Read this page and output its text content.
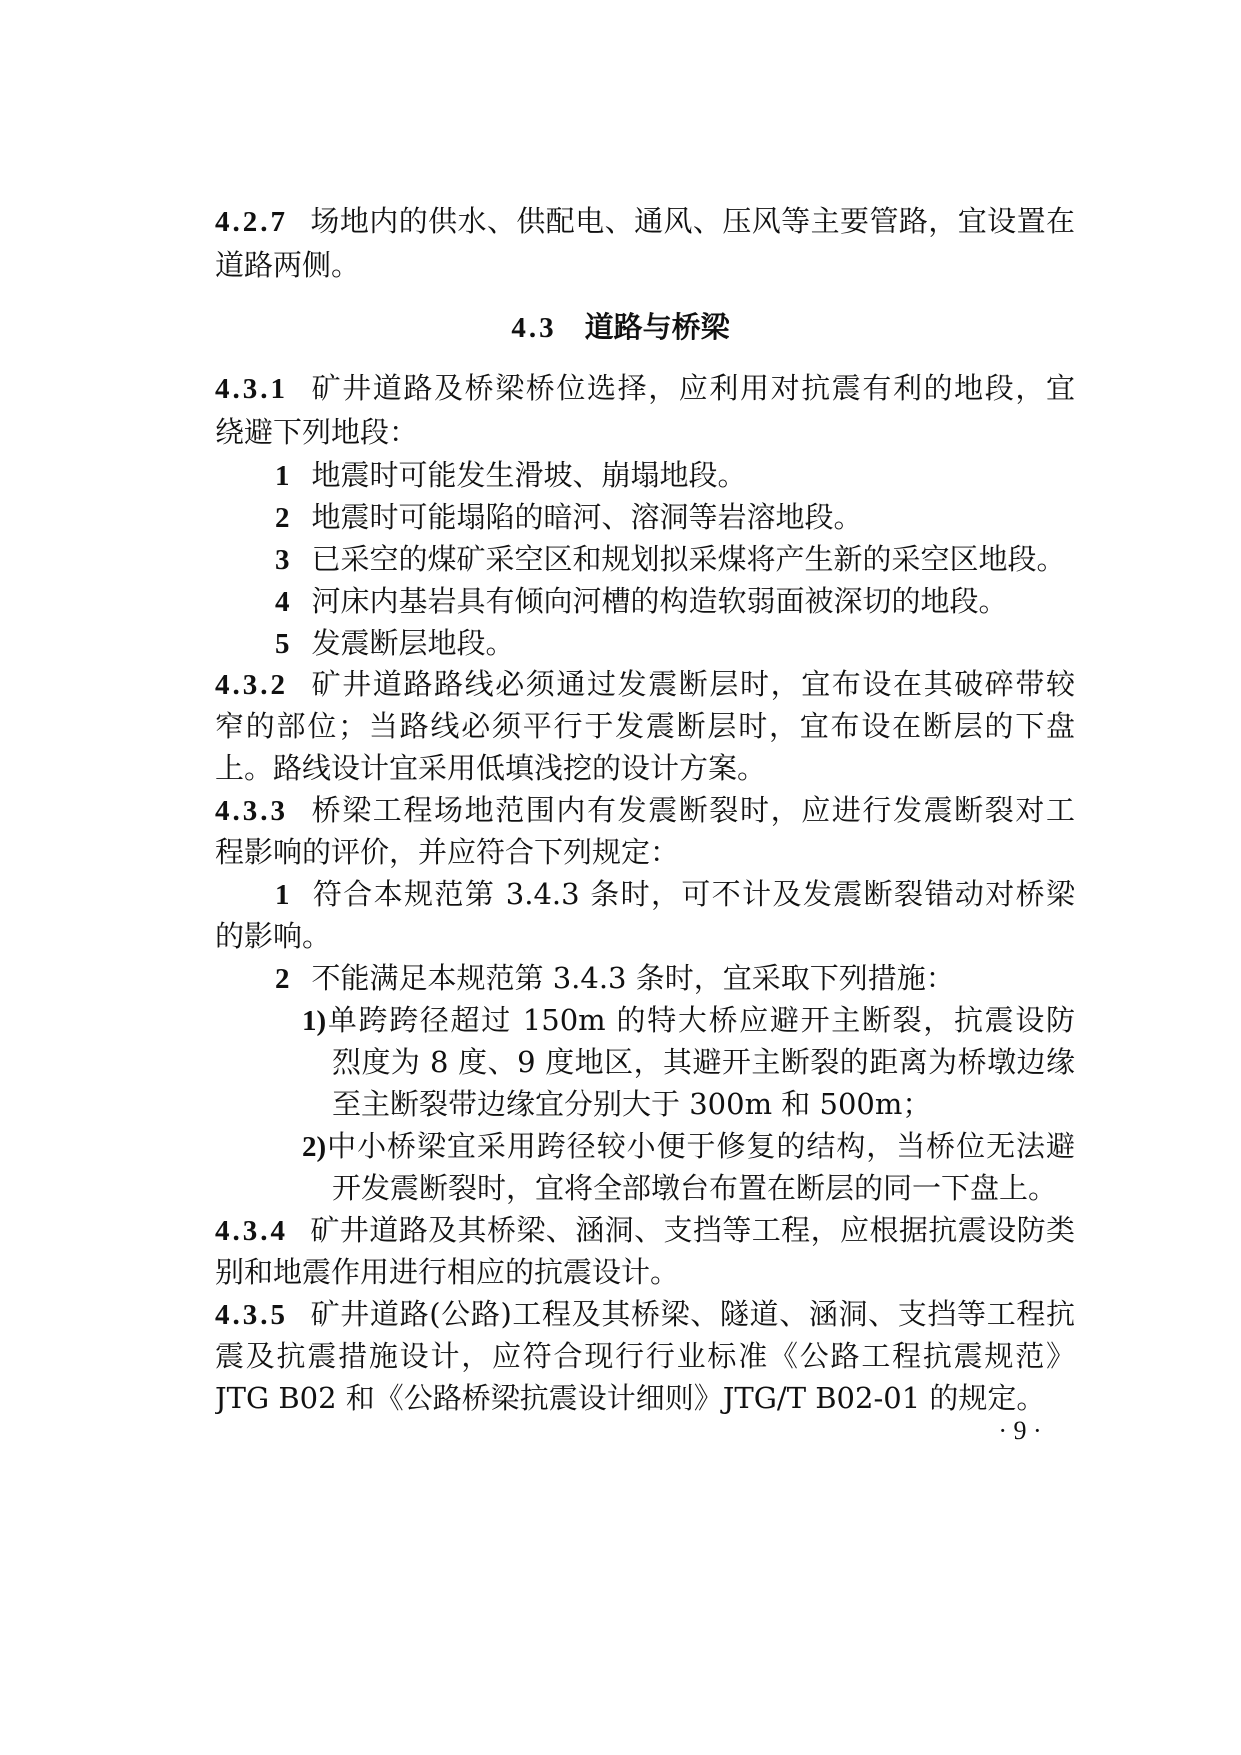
4.2.7 场地内的供水、供配电、通风、压风等主要管路，宜设置在
道路两侧。
4.3 道路与桥梁
4.3.1 矿井道路及桥梁桥位选择，应利用对抗震有利的地段，宜
绕避下列地段：
1 地震时可能发生滑坡、崩塌地段。
2 地震时可能塌陷的暗河、溶洞等岩溶地段。
3 已采空的煤矿采空区和规划拟采煤将产生新的采空区地段。
4 河床内基岩具有倾向河槽的构造软弱面被深切的地段。
5 发震断层地段。
4.3.2 矿井道路路线必须通过发震断层时，宜布设在其破碎带较
窄的部位；当路线必须平行于发震断层时，宜布设在断层的下盘
上。路线设计宜采用低填浅挖的设计方案。
4.3.3 桥梁工程场地范围内有发震断裂时，应进行发震断裂对工
程影响的评价，并应符合下列规定：
1 符合本规范第 3.4.3 条时，可不计及发震断裂错动对桥梁
的影响。
2 不能满足本规范第 3.4.3 条时，宜采取下列措施：
1)单跨跨径超过 150m 的特大桥应避开主断裂，抗震设防
烈度为 8 度、9 度地区，其避开主断裂的距离为桥墩边缘
至主断裂带边缘宜分别大于 300m 和 500m；
2)中小桥梁宜采用跨径较小便于修复的结构，当桥位无法避
开发震断裂时，宜将全部墩台布置在断层的同一下盘上。
4.3.4 矿井道路及其桥梁、涵洞、支挡等工程，应根据抗震设防类
别和地震作用进行相应的抗震设计。
4.3.5 矿井道路(公路)工程及其桥梁、隧道、涵洞、支挡等工程抗
震及抗震措施设计，应符合现行行业标准《公路工程抗震规范》
JTG B02 和《公路桥梁抗震设计细则》JTG/T B02-01 的规定。
· 9 ·
